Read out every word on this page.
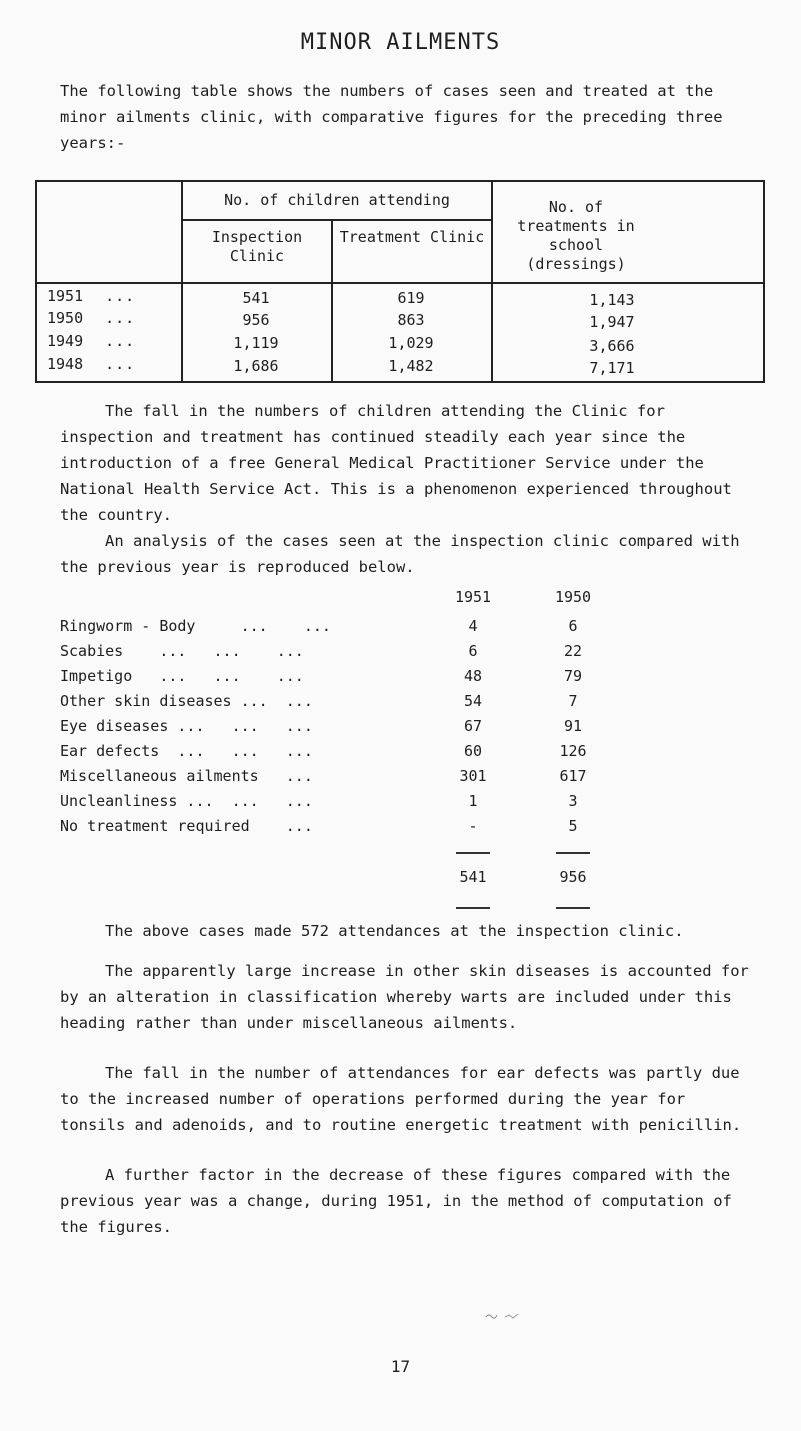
MINOR AILMENTS
The following table shows the numbers of cases seen and treated at the minor ailments clinic, with comparative figures for the preceding three years:-
No. of children attending
Inspection Clinic
Treatment Clinic
No. of treatments in school (dressings)
1951 ...	541	619	1,143
1950 ...	956	863	1,947
1949 ...	1,119	1,029	3,666
1948 ...	1,686	1,482	7,171
The fall in the numbers of children attending the Clinic for inspection and treatment has continued steadily each year since the introduction of a free General Medical Practitioner Service under the National Health Service Act. This is a phenomenon experienced throughout the country.
An analysis of the cases seen at the inspection clinic compared with the previous year is reproduced below.
1951	1950
Ringworm - Body     ...    ...	4	6
Scabies    ...   ...    ...	6	22
Impetigo   ...   ...    ...	48	79
Other skin diseases ...  ...	54	7
Eye diseases ...   ...   ...	67	91
Ear defects  ...   ...   ...	60	126
Miscellaneous ailments   ...	301	617
Uncleanliness ...  ...   ...	1	3
No treatment required    ...	-	5
541	956
The above cases made 572 attendances at the inspection clinic.
The apparently large increase in other skin diseases is accounted for by an alteration in classification whereby warts are included under this heading rather than under miscellaneous ailments.
The fall in the number of attendances for ear defects was partly due to the increased number of operations performed during the year for tonsils and adenoids, and to routine energetic treatment with penicillin.
A further factor in the decrease of these figures compared with the previous year was a change, during 1951, in the method of computation of the figures.
17
